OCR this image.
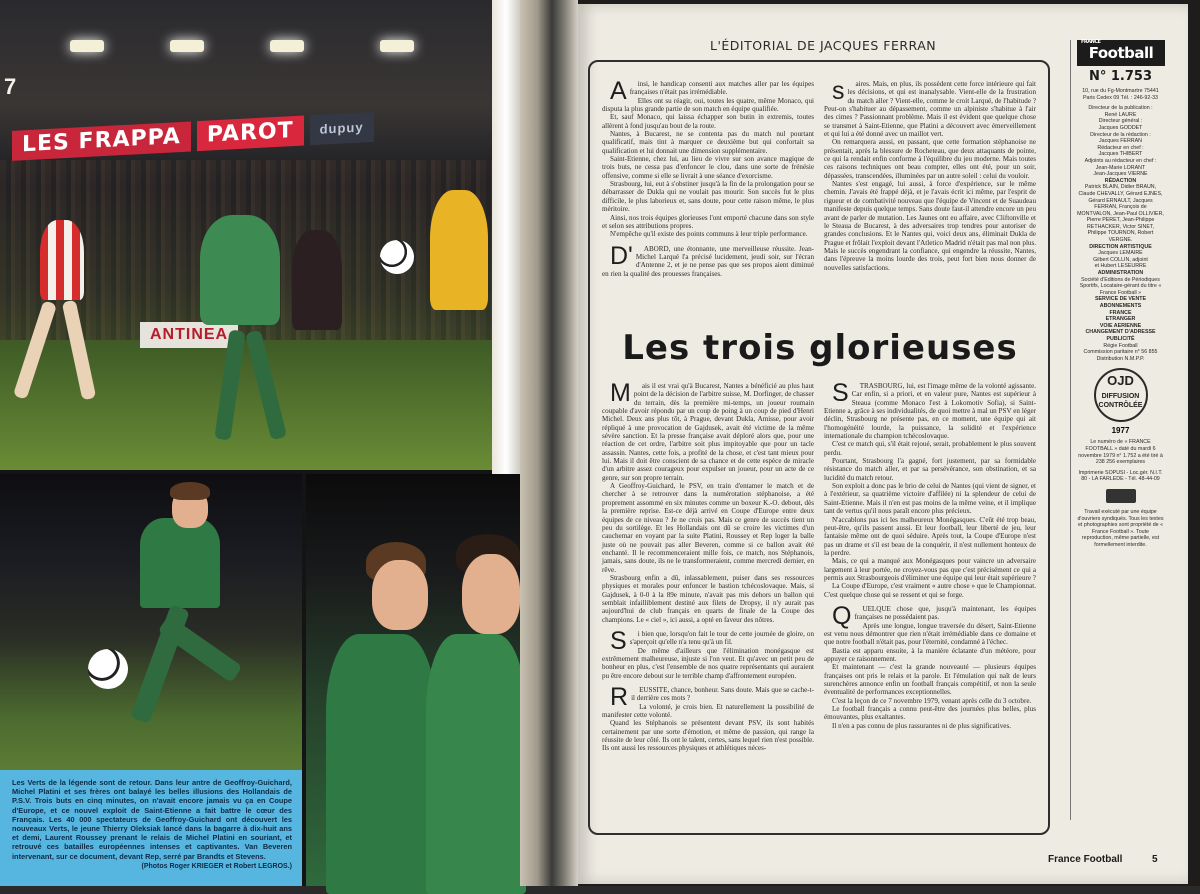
LES FRAPPA	PAROT	dupuy
ANTINEA
7
Les Verts de la légende sont de retour. Dans leur antre de Geoffroy-Guichard, Michel Platini et ses frères ont balayé les belles illusions des Hollandais de P.S.V. Trois buts en cinq minutes, on n'avait encore jamais vu ça en Coupe d'Europe, et ce nouvel exploit de Saint-Etienne a fait battre le cœur des Français. Les 40 000 spectateurs de Geoffroy-Guichard ont découvert les nouveaux Verts, le jeune Thierry Oleksiak lancé dans la bagarre à dix-huit ans et demi, Laurent Roussey prenant le relais de Michel Platini en souriant, et retrouvé ces batailles européennes intenses et captivantes. Van Beveren intervenant, sur ce document, devant Rep, serré par Brandts et Stevens.
(Photos Roger KRIEGER et Robert LEGROS.)
L'ÉDITORIAL DE JACQUES FERRAN

Ainsi, le handicap consenti aux matches aller par les équipes françaises n'était pas irrémédiable.

Elles ont su réagir, oui, toutes les quatre, même Monaco, qui disputa la plus grande partie de son match en équipe qualifiée.

Et, sauf Monaco, qui laissa échapper son butin in extremis, toutes allèrent à fond jusqu'au bout de la route.

Nantes, à Bucarest, ne se contenta pas du match nul pourtant qualificatif, mais tint à marquer ce deuxième but qui confortait sa qualification et lui donnait une dimension supplémentaire.

Saint-Etienne, chez lui, au lieu de vivre sur son avance magique de trois buts, ne cessa pas d'enfoncer le clou, dans une sorte de frénésie offensive, comme si elle se livrait à une séance d'exorcisme.

Strasbourg, lui, eut à s'obstiner jusqu'à la fin de la prolongation pour se débarrasser de Dukla qui ne voulait pas mourir. Son succès fut le plus difficile, le plus laborieux et, sans doute, pour cette raison même, le plus méritoire.

Ainsi, nos trois équipes glorieuses l'ont emporté chacune dans son style et selon ses attributions propres.

N'empêche qu'il existe des points communs à leur triple performance.

D'ABORD, une étonnante, une merveilleuse réussite. Jean-Michel Larqué l'a précisé lucidement, jeudi soir, sur l'écran d'Antenne 2, et je ne pense pas que ses propos aient diminué en rien la qualité des prouesses françaises.

saires. Mais, en plus, ils possèdent cette force intérieure qui fait les décisions, et qui est inanalysable. Vient-elle de la frustration du match aller ? Vient-elle, comme le croit Larqué, de l'habitude ? Peut-on s'habituer au dépassement, comme un alpiniste s'habitue à l'air des cimes ? Passionnant problème. Mais il est évident que quelque chose se transmet à Saint-Etienne, que Platini a découvert avec émerveillement et qui lui a été donné avec un maillot vert.

On remarquera aussi, en passant, que cette formation stéphanoise ne présentait, après la blessure de Rocheteau, que deux attaquants de pointe, ce qui la rendait enfin conforme à l'équilibre du jeu moderne. Mais toutes ces raisons techniques ont beau compter, elles ont été, pour un soir, dépassées, transcendées, illuminées par un autre soleil : celui du vouloir.

Nantes s'est engagé, lui aussi, à force d'expérience, sur le même chemin. J'avais été frappé déjà, et je l'avais écrit ici même, par l'esprit de rigueur et de combativité nouveau que l'équipe de Vincent et de Suaudeau manifeste depuis quelque temps. Sans doute faut-il attendre encore un peu avant de parler de mutation. Les Jaunes ont eu affaire, avec Cliftonville et le Steaua de Bucarest, à des adversaires trop tendres pour autoriser de grandes conclusions. Et le Nantes qui, voici deux ans, éliminait Dukla de Prague et frôlait l'exploit devant l'Atletico Madrid n'était pas mal non plus. Mais le succès engendrant la confiance, qui engendre la réussite, Nantes, dans l'épreuve la moins lourde des trois, peut fort bien nous donner de nouvelles satisfactions.

Les trois glorieuses

Mais il est vrai qu'à Bucarest, Nantes a bénéficié au plus haut point de la décision de l'arbitre suisse, M. Dorfinger, de chasser du terrain, dès la première mi-temps, un joueur roumain coupable d'avoir répondu par un coup de poing à un coup de pied d'Henri Michel. Deux ans plus tôt, à Prague, devant Dukla, Amisse, pour avoir répliqué à une provocation de Gajdusek, avait été victime de la même sévère sanction. Et la presse française avait déploré alors que, pour une réaction de cet ordre, l'arbitre soit plus impitoyable que pour un tacle assassin. Nantes, cette fois, a profité de la chose, et c'est tant mieux pour lui. Mais il doit être conscient de sa chance et de cette espèce de miracle d'un arbitre assez courageux pour expulser un joueur, pour un acte de ce genre, sur son propre terrain.

A Geoffroy-Guichard, le PSV, en train d'entamer le match et de chercher à se retrouver dans la numérotation stéphanoise, a été proprement assommé en six minutes comme un boxeur K.-O. debout, dès la première reprise. Est-ce déjà arrivé en Coupe d'Europe entre deux équipes de ce niveau ? Je ne crois pas. Mais ce genre de succès tient un peu du sortilège. Et les Hollandais ont dû se croire les victimes d'un cauchemar en voyant par la suite Platini, Roussey et Rep loger la balle juste où ne pouvait pas aller Beveren, comme si ce ballon avait été enchanté. Il le recommenceraient mille fois, ce match, nos Stéphanois, jamais, sans doute, ils ne le transformeraient, comme mercredi dernier, en rêve.

Strasbourg enfin a dû, inlassablement, puiser dans ses ressources physiques et morales pour enfoncer le bastion tchécoslovaque. Mais, si Gajdusek, à 0-0 à la 89e minute, n'avait pas mis dehors un ballon qui semblait infailliblement destiné aux filets de Dropsy, il n'y aurait pas aujourd'hui de club français en quarts de finale de la Coupe des champions. Le « ciel », ici aussi, a opté en faveur des nôtres.

Si bien que, lorsqu'on fait le tour de cette journée de gloire, on s'aperçoit qu'elle n'a tenu qu'à un fil.

De même d'ailleurs que l'élimination monégasque est extrêmement malheureuse, injuste si l'on veut. Et qu'avec un petit peu de bonheur en plus, c'est l'ensemble de nos quatre représentants qui auraient pu être encore debout sur le terrible champ d'affrontement européen.

REUSSITE, chance, bonheur. Sans doute. Mais que se cache-t-il derrière ces mots ?

La volonté, je crois bien. Et naturellement la possibilité de manifester cette volonté.

Quand les Stéphanois se présentent devant PSV, ils sont habités certainement par une sorte d'émotion, et même de passion, qui range la réussite de leur côté. Ils ont le talent, certes, sans lequel rien n'est possible. Ils ont aussi les ressources physiques et athlétiques néces-

STRASBOURG, lui, est l'image même de la volonté agissante. Car enfin, si a priori, et en valeur pure, Nantes est supérieur à Steaua (comme Monaco l'est à Lokomotiv Sofia), si Saint-Etienne a, grâce à ses individualités, de quoi mettre à mal un PSV en léger déclin, Strasbourg ne présente pas, en ce moment, une équipe qui ait l'homogénéité lourde, la puissance, la solidité et l'expérience internationale du champion tchécoslovaque.

C'est ce match qui, s'il était rejoué, serait, probablement le plus souvent perdu.

Pourtant, Strasbourg l'a gagné, fort justement, par sa formidable résistance du match aller, et par sa persévérance, son obstination, et sa lucidité du match retour.

Son exploit a donc pas le brio de celui de Nantes (qui vient de signer, et à l'extérieur, sa quatrième victoire d'affilée) ni la splendeur de celui de Saint-Etienne. Mais il n'en est pas moins de la même veine, et il implique tant de vertus qu'il nous paraît encore plus précieux.

N'accablons pas ici les malheureux Monégasques. C'eût été trop beau, peut-être, qu'ils passent aussi. Et leur football, leur liberté de jeu, leur fantaisie même ont de quoi séduire. Après tout, la Coupe d'Europe n'est pas un drame et s'il est beau de la conquérir, il n'est nullement honteux de la perdre.

Mais, ce qui a manqué aux Monégasques pour vaincre un adversaire largement à leur portée, ne croyez-vous pas que c'est précisément ce qui a permis aux Strasbourgeois d'éliminer une équipe qui leur était supérieure ?

La Coupe d'Europe, c'est vraiment « autre chose » que le Championnat. C'est quelque chose qui se ressent et qui se forge.

QUELQUE chose que, jusqu'à maintenant, les équipes françaises ne possédaient pas.

Après une longue, longue traversée du désert, Saint-Etienne est venu nous démontrer que rien n'était irrémédiable dans ce domaine et que notre football n'était pas, pour l'éternité, condamné à l'échec.

Bastia est apparu ensuite, à la manière éclatante d'un météore, pour appuyer ce raisonnement.

Et maintenant — c'est la grande nouveauté — plusieurs équipes françaises ont pris le relais et la parole. Et l'émulation qui naît de leurs surenchères annonce enfin un football français compétitif, et non la seule éventualité de performances exceptionnelles.

C'est la leçon de ce 7 novembre 1979, venant après celle du 3 octobre.

Le football français a connu peut-être des journées plus belles, plus émouvantes, plus exaltantes.

Il n'en a pas connu de plus rassurantes ni de plus significatives.

FRANCE
Football
N° 1.753
10, rue du Fg-Montmartre 75441 Paris Cedex 09 Tél. : 246-92-33
Directeur de la publication :
René LAURE
Directeur général :
Jacques GODDET
Directeur de la rédaction :
Jacques FERRAN
Rédacteur en chef :
Jacques THIBERT
Adjoints au rédacteur en chef :
Jean-Marie LORANT
Jean-Jacques VIERNE
RÉDACTION
Patrick BLAIN, Didier BRAUN, Claude CHEVALLY, Gérard EJNES, Gérard ERNAULT, Jacques FERRAN, François de MONTVALON, Jean-Paul OLLIVIER, Pierre PERET, Jean-Philippe RETHACKER, Victor SINET, Philippe TOURNON, Robert VERGNE.
DIRECTION ARTISTIQUE
Jacques LEMAIRE
Gilbert COLLIN, adjoint
et Hubert LESEURRE
ADMINISTRATION
Société d'Editions de Périodiques Sportifs, Locataire-gérant du titre « France Football »
SERVICE DE VENTE
ABONNEMENTS
FRANCE
ETRANGER
VOIE AERIENNE
CHANGEMENT D'ADRESSE
PUBLICITÉ
Régie Football
Commission paritaire n° 56 855
Distribution N.M.P.P.
OJD
DIFFUSION CONTRÔLÉE
1977
Le numéro de « FRANCE FOOTBALL » daté du mardi 6 novembre 1979 n° 1.752 a été tiré à 238 256 exemplaires
Imprimerie SOPUSI - Loc.gér. N.I.T. 80 - LA FARLEDE - Tél. 48-44-09
Travail exécuté par une équipe d'ouvriers syndiqués. Tous les textes et photographies sont propriété de « France Football ». Toute reproduction, même partielle, est formellement interdite.
France Football	5
